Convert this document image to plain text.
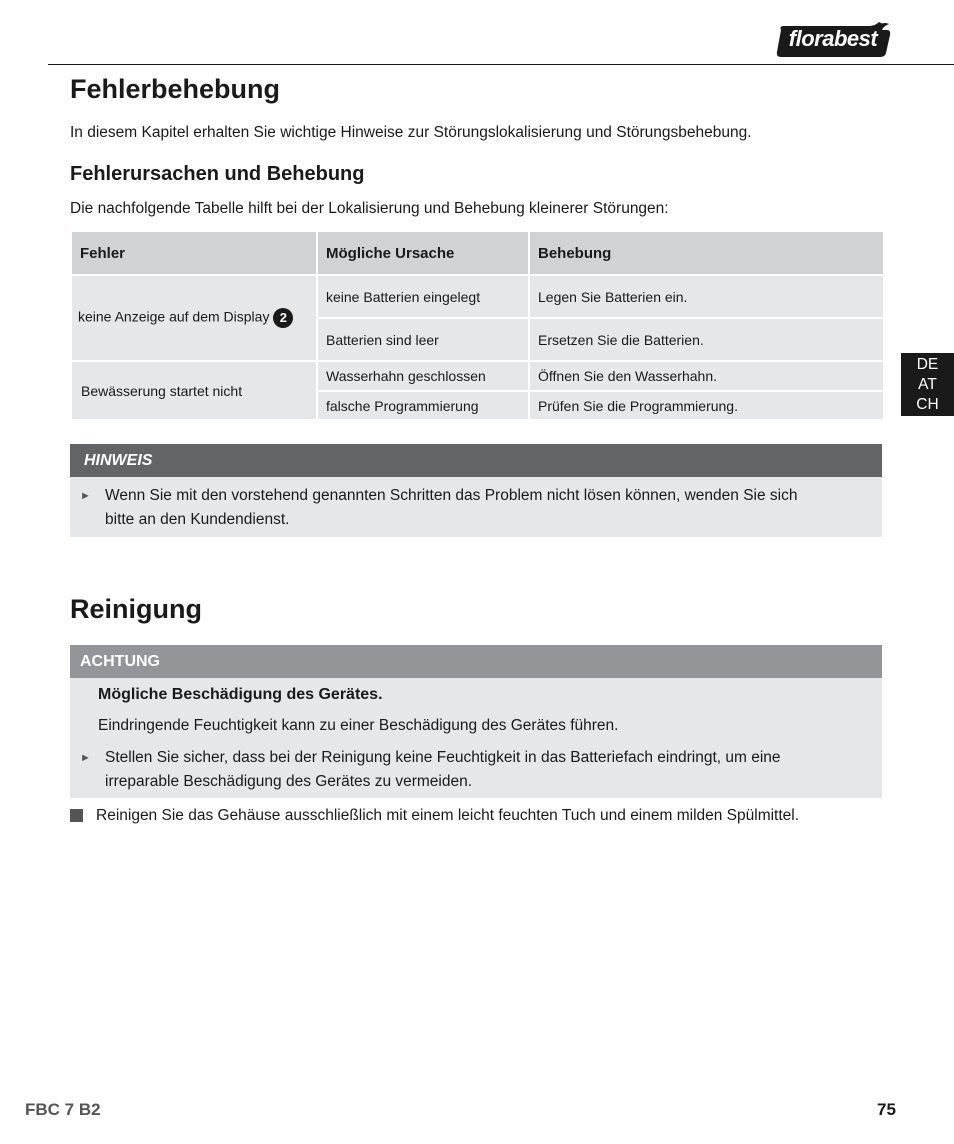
florabest
Fehlerbehebung

In diesem Kapitel erhalten Sie wichtige Hinweise zur Störungslokalisierung und Störungsbehebung.

Fehlerursachen und Behebung

Die nachfolgende Tabelle hilft bei der Lokalisierung und Behebung kleinerer Störungen:

Fehler	Mögliche Ursache	Behebung
keine Anzeige auf dem Display 2	keine Batterien eingelegt	Legen Sie Batterien ein.
	Batterien sind leer	Ersetzen Sie die Batterien.
Bewässerung startet nicht	Wasserhahn geschlossen	Öffnen Sie den Wasserhahn.
	falsche Programmierung	Prüfen Sie die Programmierung.
HINWEIS
► Wenn Sie mit den vorstehend genannten Schritten das Problem nicht lösen können, wenden Sie sich
bitte an den Kundendienst.
Reinigung
ACHTUNG
Mögliche Beschädigung des Gerätes.
Eindringende Feuchtigkeit kann zu einer Beschädigung des Gerätes führen.
► Stellen Sie sicher, dass bei der Reinigung keine Feuchtigkeit in das Batteriefach eindringt, um eine
irreparable Beschädigung des Gerätes zu vermeiden.
Reinigen Sie das Gehäuse ausschließlich mit einem leicht feuchten Tuch und einem milden Spülmittel.
DE
AT
CH
FBC 7 B2	75
